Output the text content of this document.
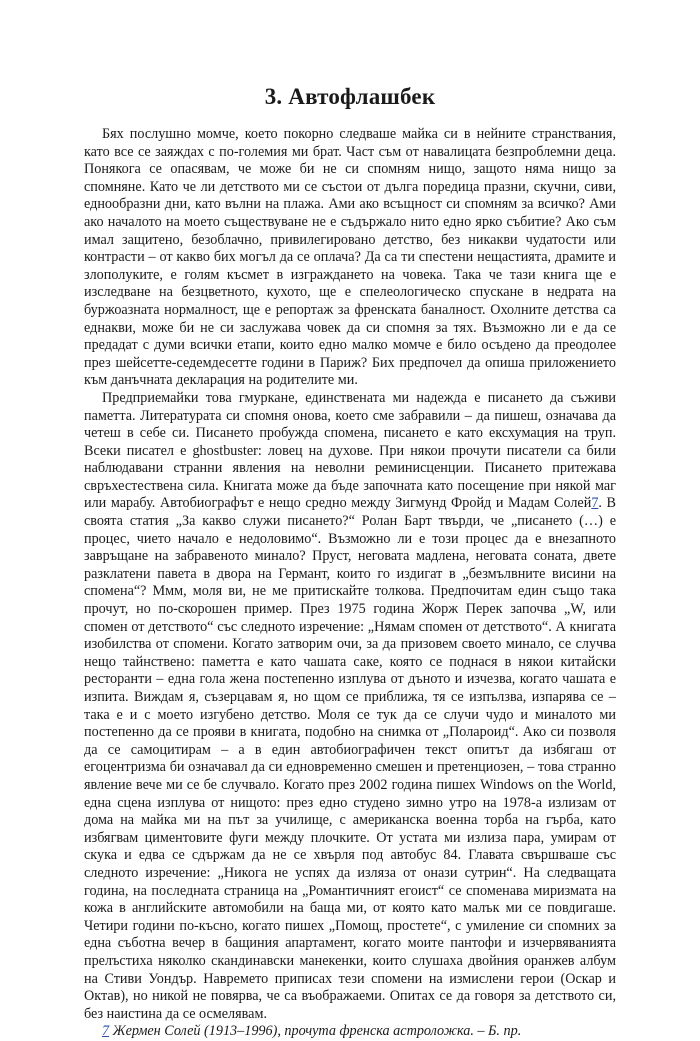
3. Автофлашбек

Бях послушно момче, което покорно следваше майка си в нейните странствания, като все се заяждах с по-големия ми брат. Част съм от навалицата безпроблемни деца. Понякога се опасявам, че може би не си спомням нищо, защото няма нищо за спомняне. Като че ли детството ми се състои от дълга поредица празни, скучни, сиви, еднообразни дни, като вълни на плажа. Ами ако всъщност си спомням за всичко? Ами ако началото на моето съществуване не е съдържало нито едно ярко събитие? Ако съм имал защитено, безоблачно, привилегировано детство, без никакви чудатости или контрасти – от какво бих могъл да се оплача? Да са ти спестени нещастията, драмите и злополуките, е голям късмет в изграждането на човека. Така че тази книга ще е изследване на безцветното, кухото, ще е спелеологическо спускане в недрата на буржоазната нормалност, ще е репортаж за френската баналност. Охолните детства са еднакви, може би не си заслужава човек да си спомня за тях. Възможно ли е да се предадат с думи всички етапи, които едно малко момче е било осъдено да преодолее през шейсетте-седемдесетте години в Париж? Бих предпочел да опиша приложението към данъчната декларация на родителите ми.

Предприемайки това гмуркане, единствената ми надежда е писането да съживи паметта. Литературата си спомня онова, което сме забравили – да пишеш, означава да четеш в себе си. Писането пробужда спомена, писането е като ексхумация на труп. Всеки писател е ghostbuster: ловец на духове. При някои прочути писатели са били наблюдавани странни явления на неволни реминисценции. Писането притежава свръхестествена сила. Книгата може да бъде започната като посещение при някой маг или марабу. Автобиографът е нещо средно между Зигмунд Фройд и Мадам Солей7. В своята статия „За какво служи писането?“ Ролан Барт твърди, че „писането (…) е процес, чието начало е недоловимо“. Възможно ли е този процес да е внезапното завръщане на забравеното минало? Пруст, неговата мадлена, неговата соната, двете разклатени павета в двора на Германт, които го издигат в „безмълвните висини на спомена“? Ммм, моля ви, не ме притискайте толкова. Предпочитам един също така прочут, но по-скорошен пример. През 1975 година Жорж Перек започва „W, или спомен от детството“ със следното изречение: „Нямам спомен от детството“. А книгата изобилства от спомени. Когато затворим очи, за да призовем своето минало, се случва нещо тайнствено: паметта е като чашата саке, която се поднася в някои китайски ресторанти – една гола жена постепенно изплува от дъното и изчезва, когато чашата е изпита. Виждам я, съзерцавам я, но щом се приближа, тя се изпълзва, изпарява се – така е и с моето изгубено детство. Моля се тук да се случи чудо и миналото ми постепенно да се прояви в книгата, подобно на снимка от „Полароид“. Ако си позволя да се самоцитирам – а в един автобиографичен текст опитът да избягаш от егоцентризма би означавал да си едновременно смешен и претенциозен, – това странно явление вече ми се бе случвало. Когато през 2002 година пишех Windows on the World, една сцена изплува от нищото: през едно студено зимно утро на 1978-а излизам от дома на майка ми на път за училище, с американска военна торба на гърба, като избягвам циментовите фуги между плочките. От устата ми излиза пара, умирам от скука и едва се сдържам да не се хвърля под автобус 84. Главата свършваше със следното изречение: „Никога не успях да изляза от онази сутрин“. На следващата година, на последната страница на „Романтичният егоист“ се споменава миризмата на кожа в английските автомобили на баща ми, от която като малък ми се повдигаше. Четири години по-късно, когато пишех „Помощ, простете“, с умиление си спомних за една съботна вечер в бащиния апартамент, когато моите пантофи и изчервяванията прелъстиха няколко скандинавски манекенки, които слушаха двойния оранжев албум на Стиви Уондър. Навремето приписах тези спомени на измислени герои (Оскар и Октав), но никой не повярва, че са въображаеми. Опитах се да говоря за детството си, без наистина да се осмелявам.

7 Жермен Солей (1913–1996), прочута френска астроложка. – Б. пр.
